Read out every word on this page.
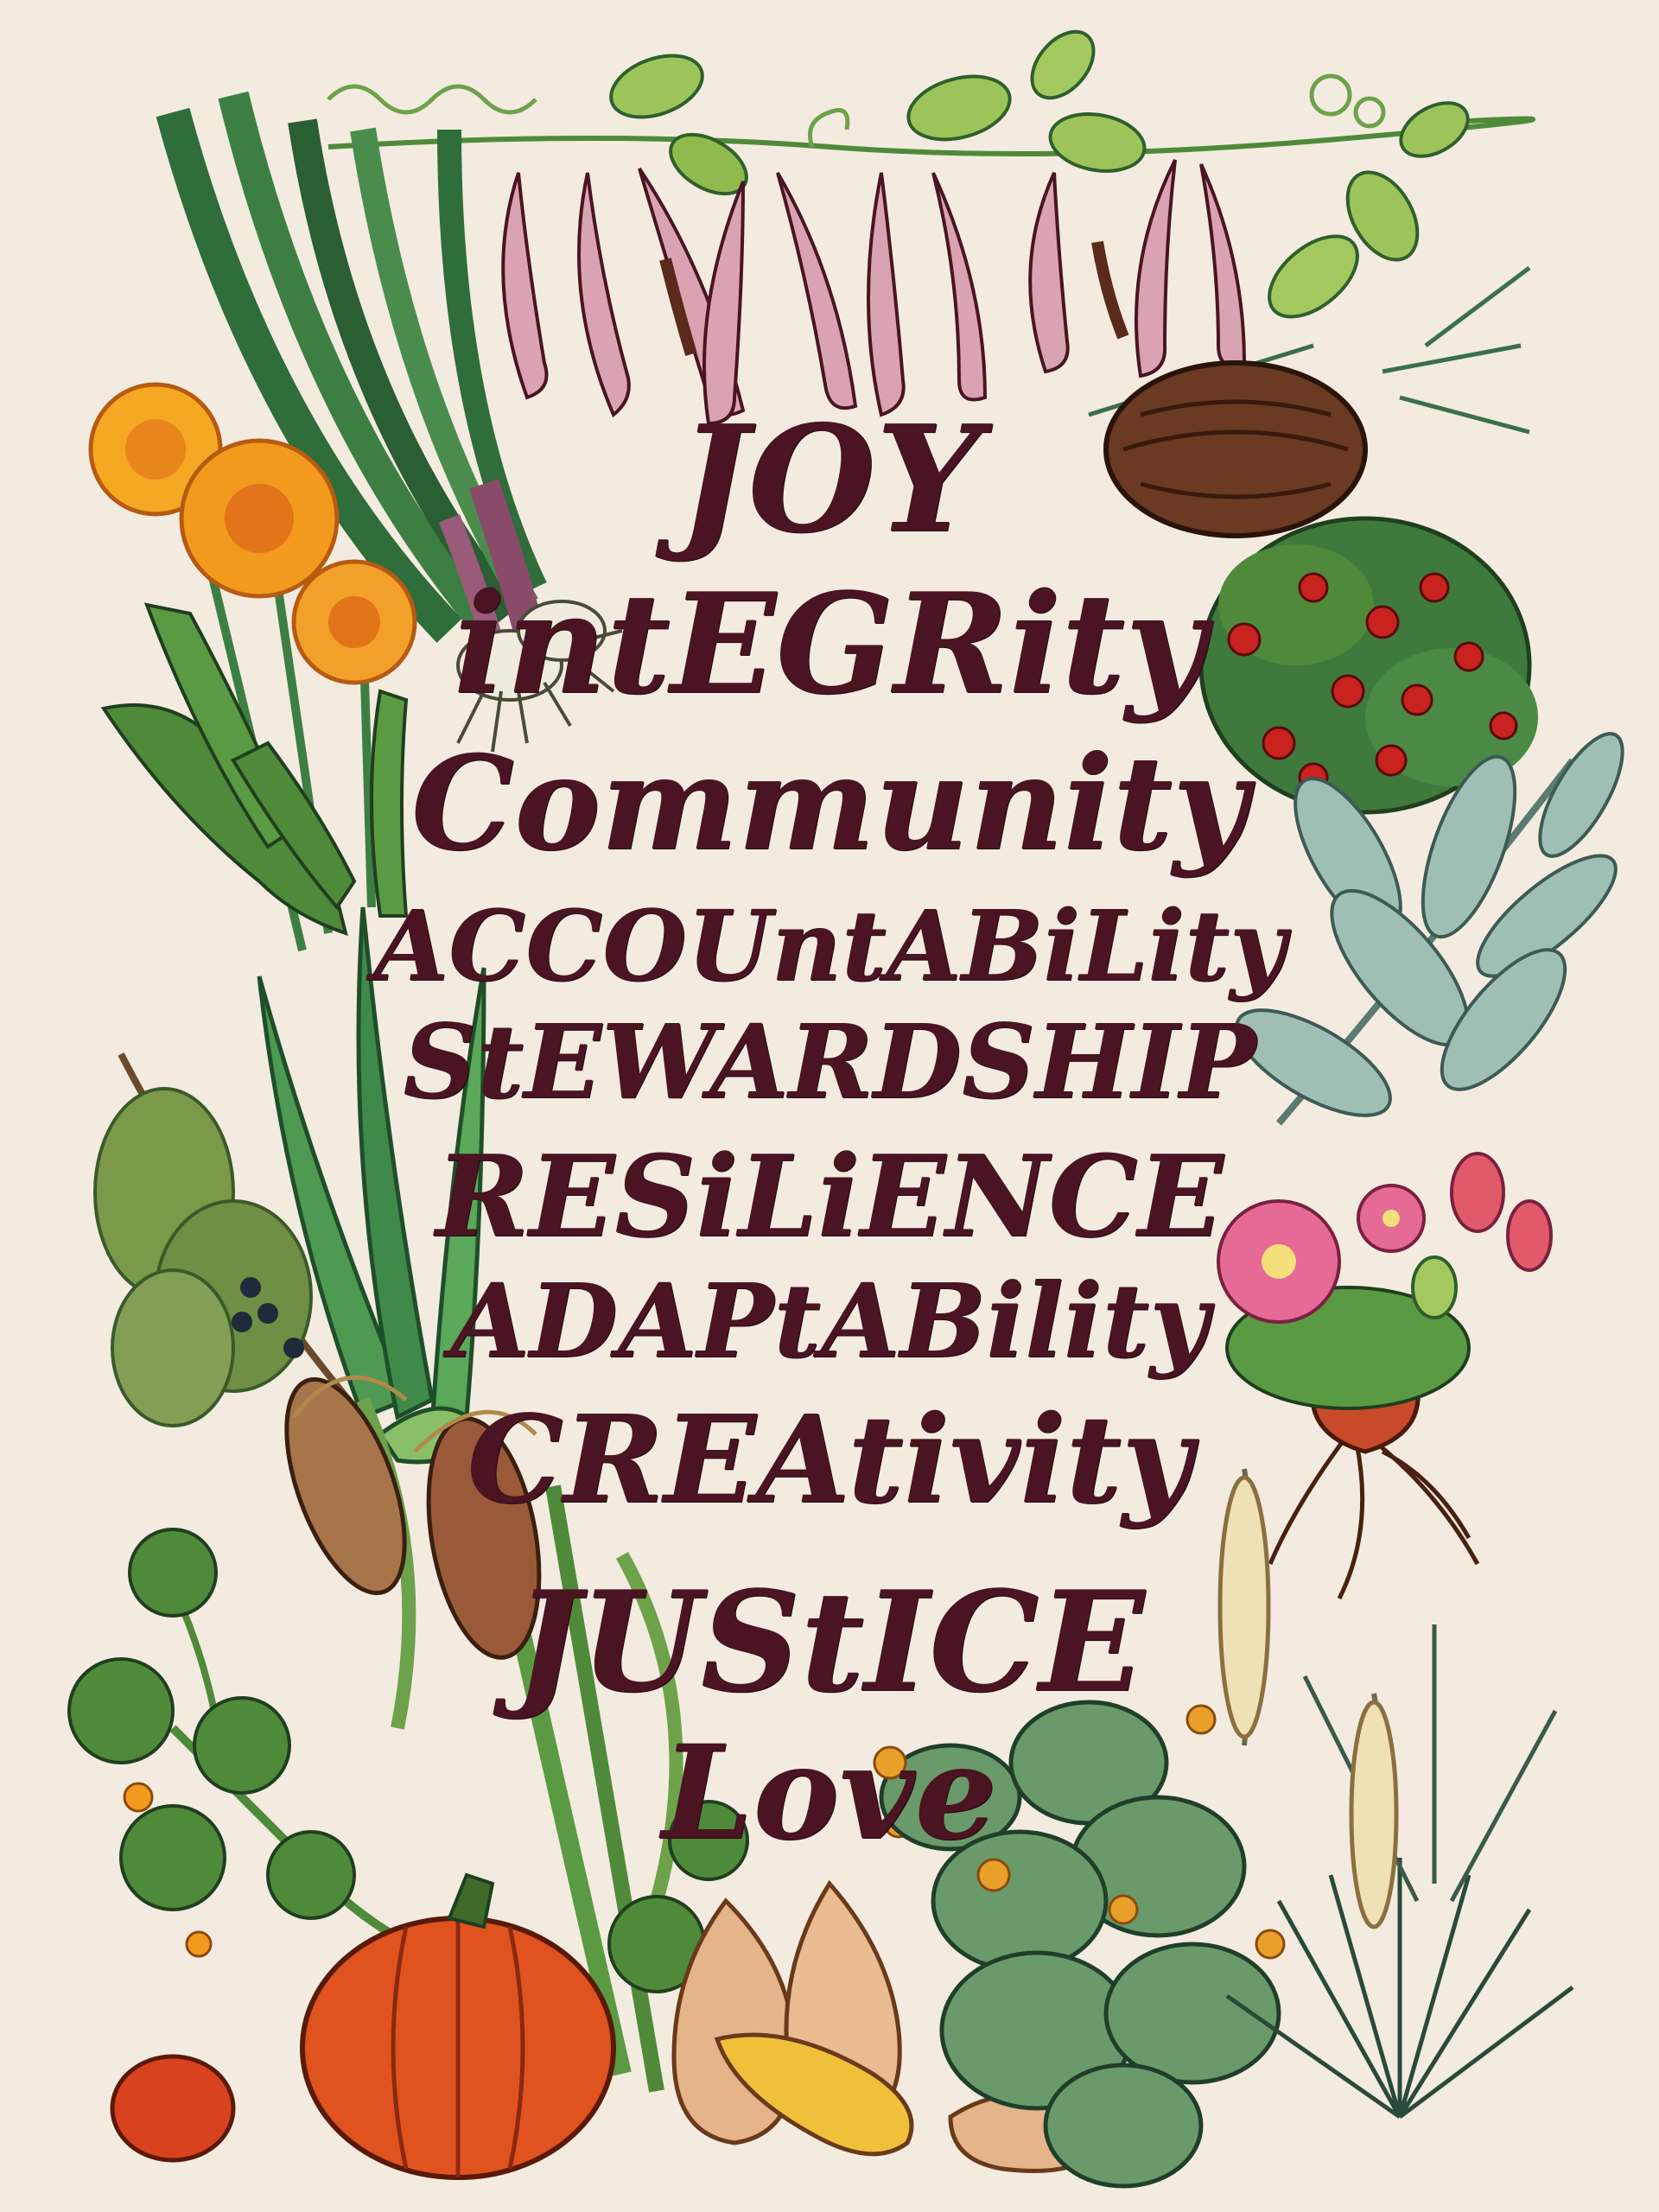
JOY

intEGRity

Community

ACCOUntABiLity

StEWARDSHIP

RESiLiENCE

ADAPtABility

CREAtivity

JUStICE

Love
